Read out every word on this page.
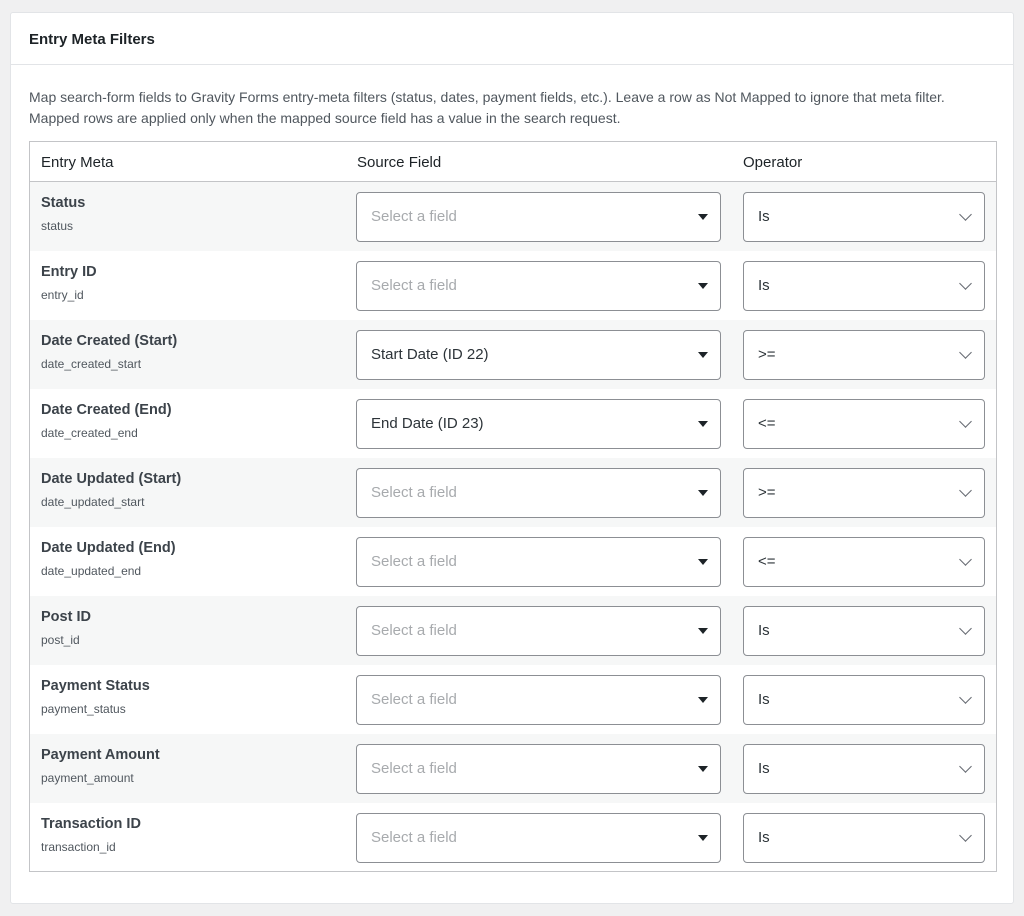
Entry Meta Filters
Map search-form fields to Gravity Forms entry-meta filters (status, dates, payment fields, etc.). Leave a row as Not Mapped to ignore that meta filter. Mapped rows are applied only when the mapped source field has a value in the search request.
Entry Meta	Source Field	Operator
Status
status
Select a field	Is
Entry ID
entry_id
Select a field	Is
Date Created (Start)
date_created_start
Start Date (ID 22)	>=
Date Created (End)
date_created_end
End Date (ID 23)	<=
Date Updated (Start)
date_updated_start
Select a field	>=
Date Updated (End)
date_updated_end
Select a field	<=
Post ID
post_id
Select a field	Is
Payment Status
payment_status
Select a field	Is
Payment Amount
payment_amount
Select a field	Is
Transaction ID
transaction_id
Select a field	Is
